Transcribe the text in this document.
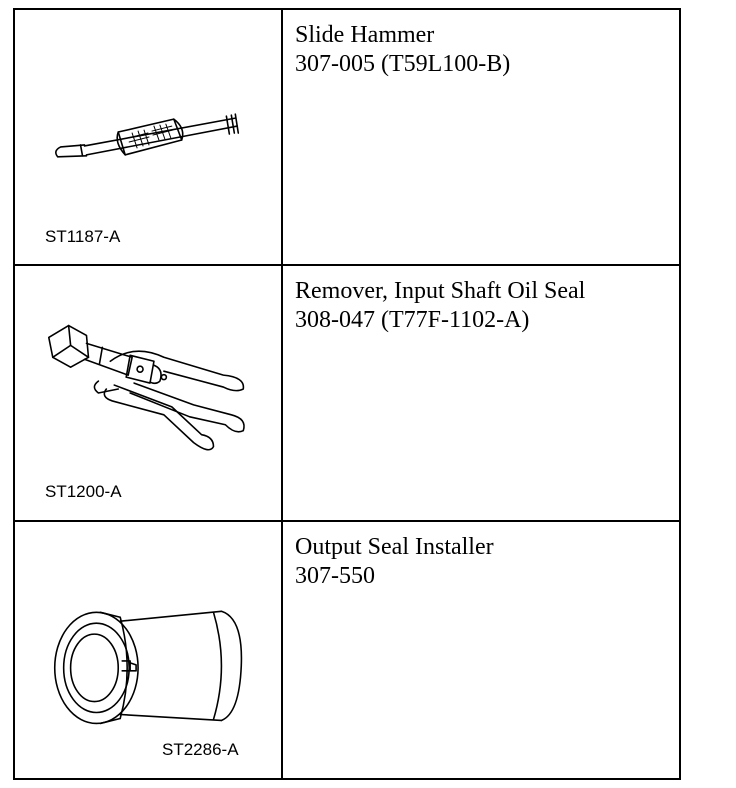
ST1187-A	Slide Hammer
307-005 (T59L100-B)

ST1200-A	Remover, Input Shaft Oil Seal
308-047 (T77F-1102-A)

ST2286-A	Output Seal Installer
307-550
